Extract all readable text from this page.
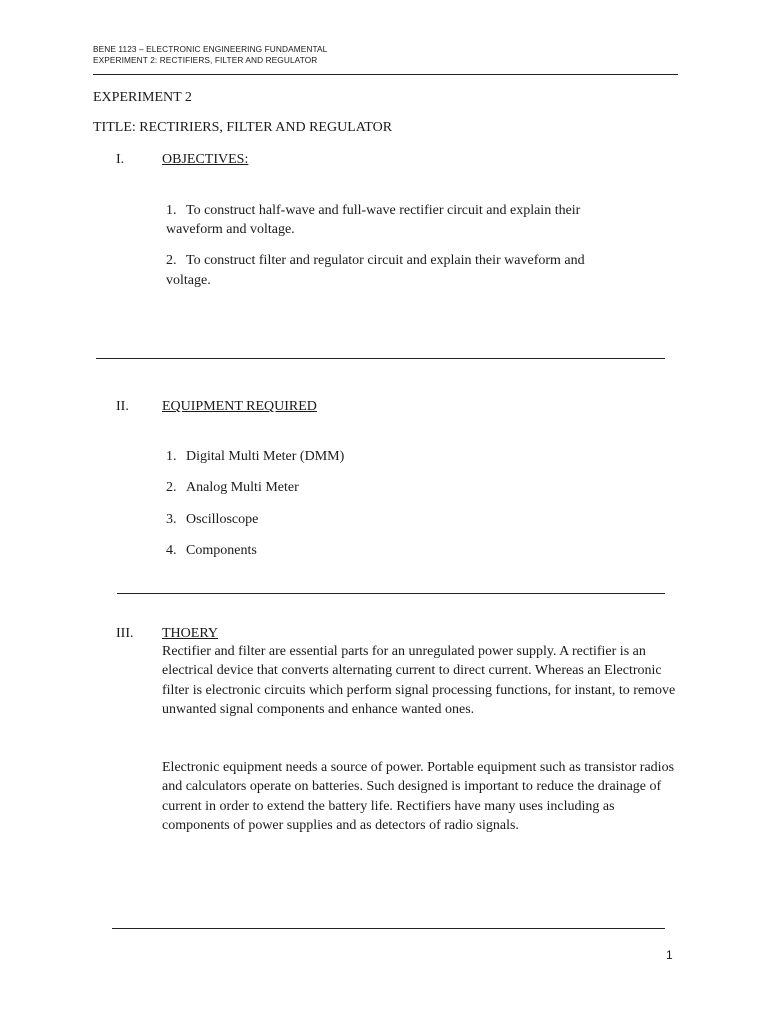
BENE 1123 – ELECTRONIC ENGINEERING FUNDAMENTAL
EXPERIMENT 2: RECTIFIERS, FILTER AND REGULATOR
EXPERIMENT 2
TITLE: RECTIRIERS, FILTER AND REGULATOR
I.	OBJECTIVES:
1. To construct half-wave and full-wave rectifier circuit and explain their
waveform and voltage.
2. To construct filter and regulator circuit and explain their waveform and
voltage.
II. EQUIPMENT REQUIRED
1. Digital Multi Meter (DMM)
2. Analog Multi Meter
3. Oscilloscope
4. Components
III. THOERY
Rectifier and filter are essential parts for an unregulated power supply. A rectifier is an electrical device that converts alternating current to direct current. Whereas an Electronic filter is electronic circuits which perform signal processing functions, for instant, to remove unwanted signal components and enhance wanted ones.
Electronic equipment needs a source of power. Portable equipment such as transistor radios and calculators operate on batteries. Such designed is important to reduce the drainage of current in order to extend the battery life. Rectifiers have many uses including as components of power supplies and as detectors of radio signals.
1
